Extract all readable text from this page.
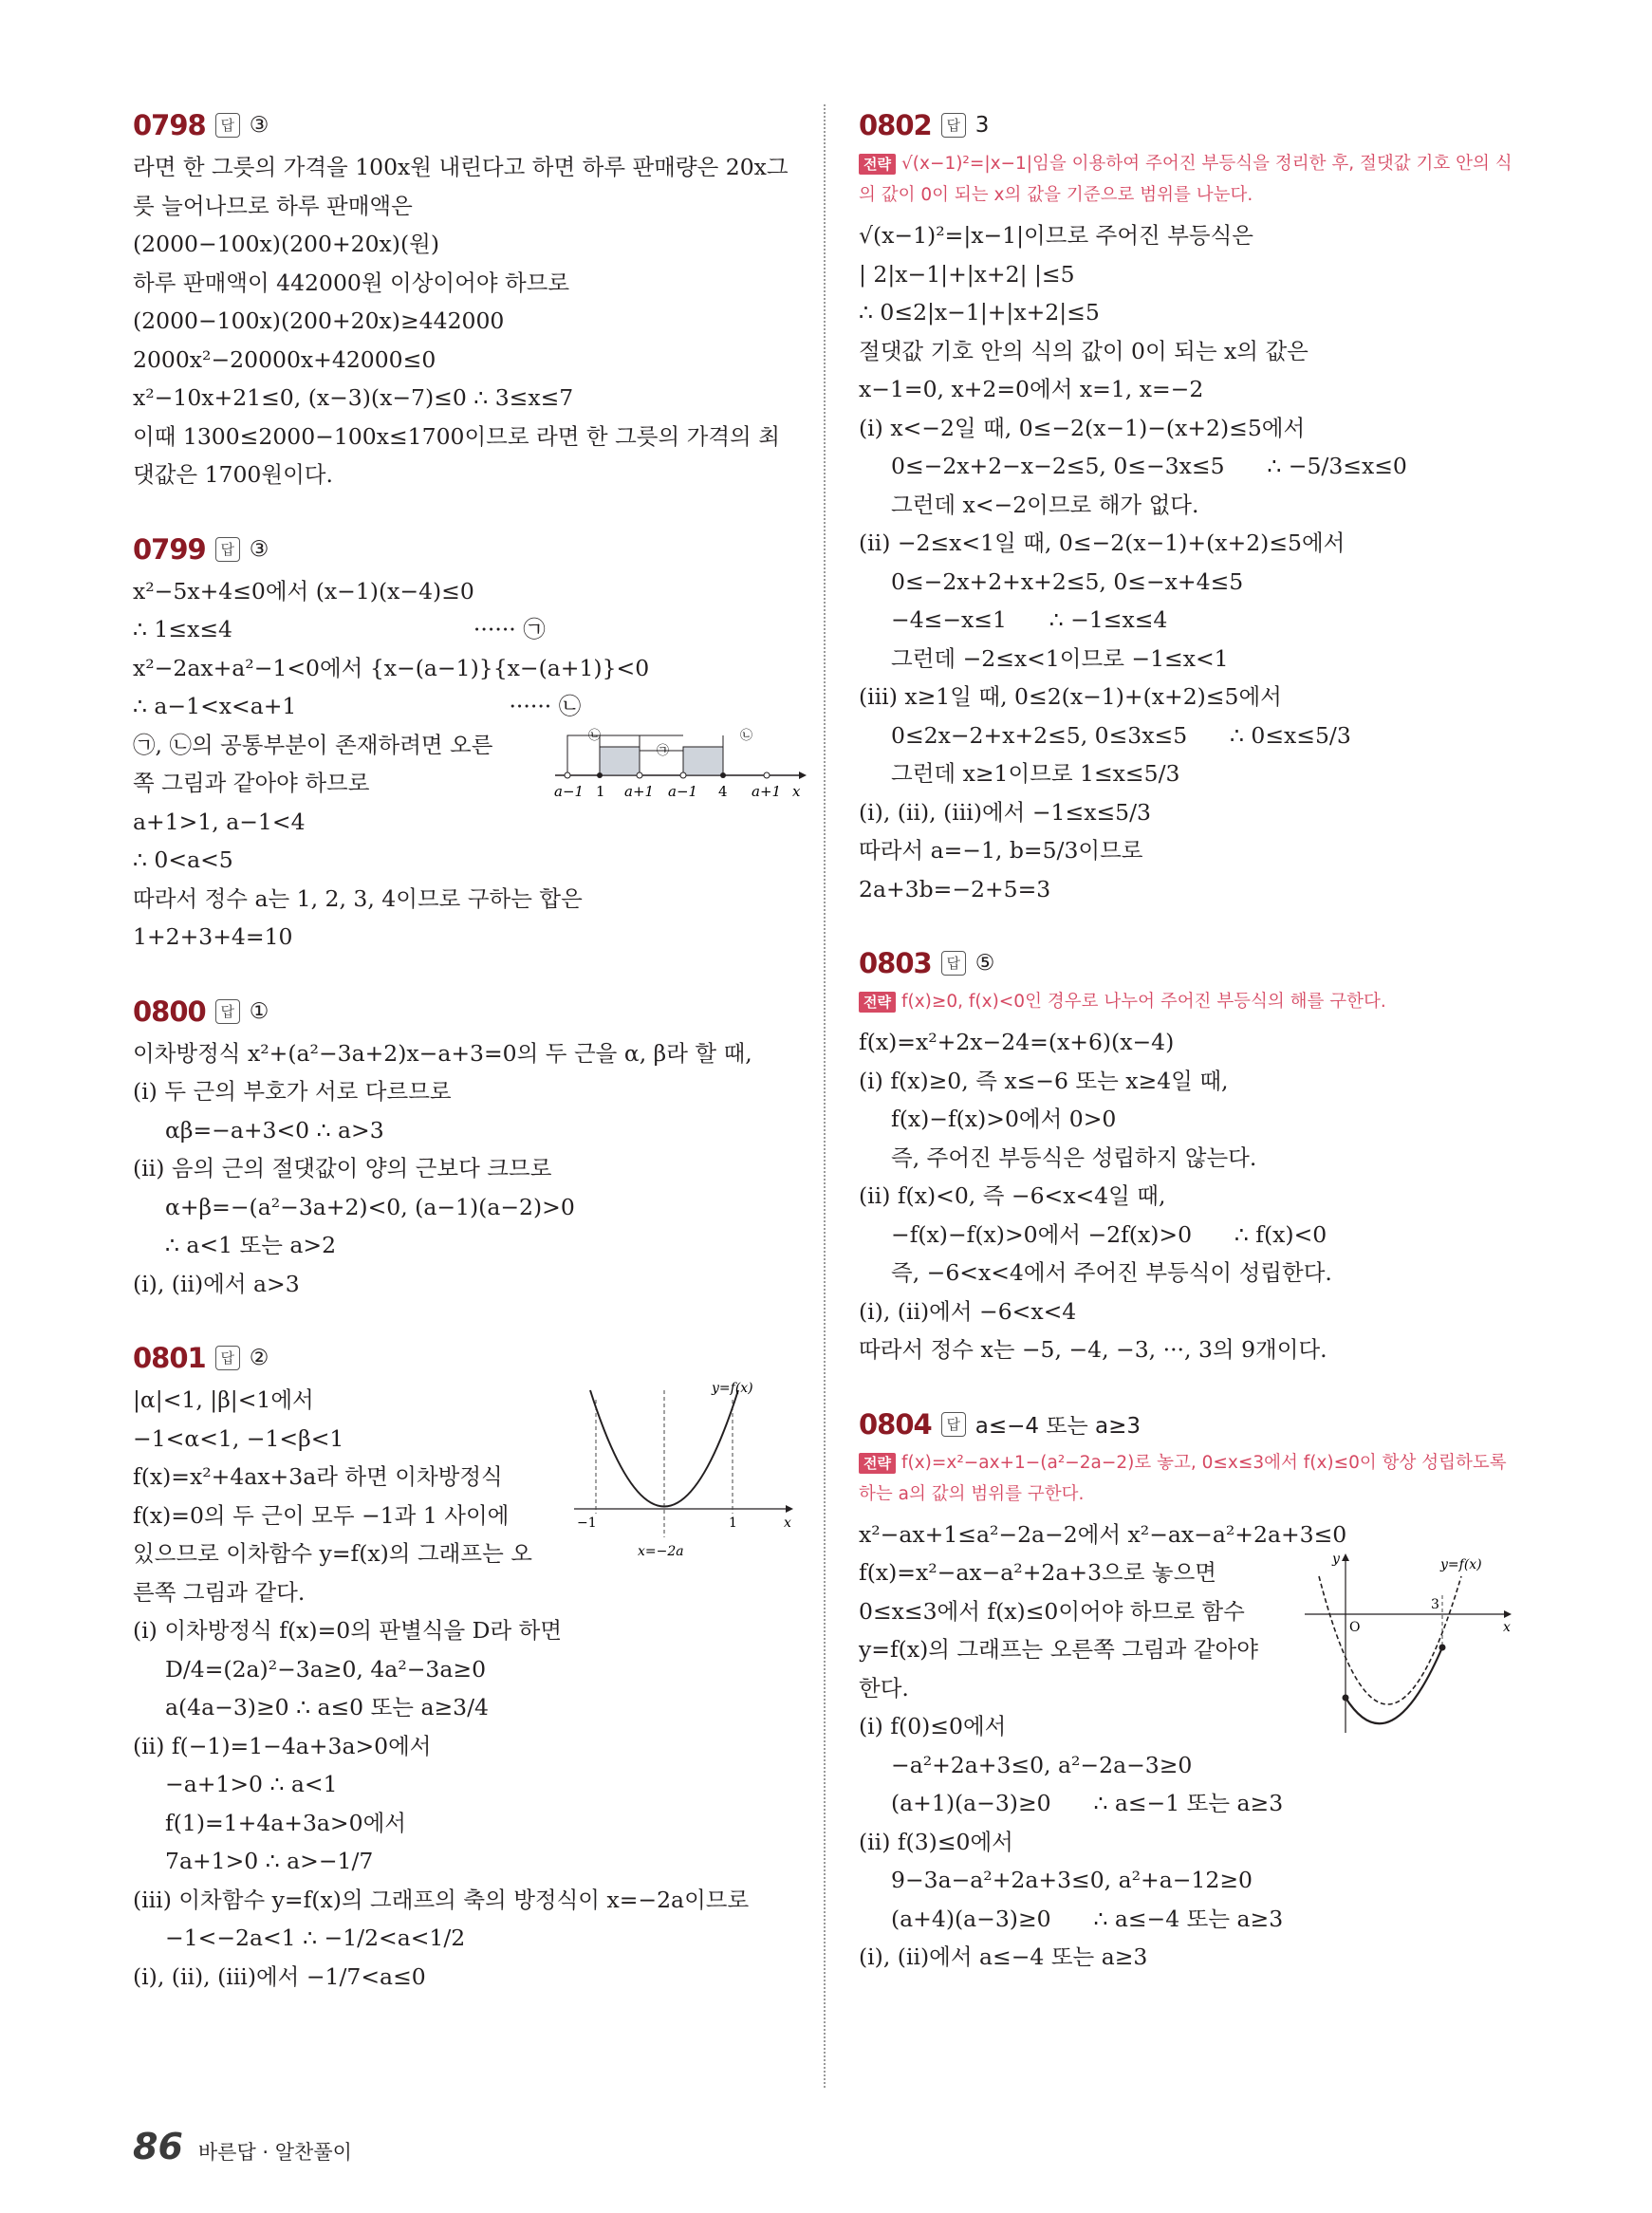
0798	답 ③
라면 한 그릇의 가격을 100x원 내린다고 하면 하루 판매량은 20x그
릇 늘어나므로 하루 판매액은
(2000−100x)(200+20x)(원)
하루 판매액이 442000원 이상이어야 하므로
(2000−100x)(200+20x)≥442000
2000x²−20000x+42000≤0
x²−10x+21≤0, (x−3)(x−7)≤0 ∴ 3≤x≤7
이때 1300≤2000−100x≤1700이므로 라면 한 그릇의 가격의 최
댓값은 1700원이다.
0799	답 ③
x²−5x+4≤0에서 (x−1)(x−4)≤0
∴ 1≤x≤4                                  ······ ㉠
x²−2ax+a²−1<0에서 {x−(a−1)}{x−(a+1)}<0
∴ a−1<x<a+1                              ······ ㉡
㉠, ㉡의 공통부분이 존재하려면 오른
쪽 그림과 같아야 하므로
a+1>1, a−1<4
∴ 0<a<5
㉡
㉠
㉡
a−1 1 a+1 a−1 4 a+1 x
따라서 정수 a는 1, 2, 3, 4이므로 구하는 합은
1+2+3+4=10
0800	답 ①
이차방정식 x²+(a²−3a+2)x−a+3=0의 두 근을 α, β라 할 때,
(ⅰ) 두 근의 부호가 서로 다르므로
αβ=−a+3<0 ∴ a>3
(ⅱ) 음의 근의 절댓값이 양의 근보다 크므로
α+β=−(a²−3a+2)<0, (a−1)(a−2)>0
∴ a<1 또는 a>2
(ⅰ), (ⅱ)에서 a>3
0801	답 ②
|α|<1, |β|<1에서
−1<α<1, −1<β<1
f(x)=x²+4ax+3a라 하면 이차방정식
f(x)=0의 두 근이 모두 −1과 1 사이에
있으므로 이차함수 y=f(x)의 그래프는 오
른쪽 그림과 같다.
y=f(x)
−1	1	x
x=−2a
(ⅰ) 이차방정식 f(x)=0의 판별식을 D라 하면
D/4=(2a)²−3a≥0, 4a²−3a≥0
a(4a−3)≥0 ∴ a≤0 또는 a≥3/4
(ⅱ) f(−1)=1−4a+3a>0에서
−a+1>0 ∴ a<1
f(1)=1+4a+3a>0에서
7a+1>0 ∴ a>−1/7
(ⅲ) 이차함수 y=f(x)의 그래프의 축의 방정식이 x=−2a이므로
−1<−2a<1 ∴ −1/2<a<1/2
(ⅰ), (ⅱ), (ⅲ)에서 −1/7<a≤0
0802	답 3
전략 √(x−1)²=|x−1|임을 이용하여 주어진 부등식을 정리한 후, 절댓값 기호 안의 식의 값이 0이 되는 x의 값을 기준으로 범위를 나눈다.
√(x−1)²=|x−1|이므로 주어진 부등식은
| 2|x−1|+|x+2| |≤5
∴ 0≤2|x−1|+|x+2|≤5
절댓값 기호 안의 식의 값이 0이 되는 x의 값은
x−1=0, x+2=0에서 x=1, x=−2
(ⅰ) x<−2일 때, 0≤−2(x−1)−(x+2)≤5에서
0≤−2x+2−x−2≤5, 0≤−3x≤5      ∴ −5/3≤x≤0
그런데 x<−2이므로 해가 없다.
(ⅱ) −2≤x<1일 때, 0≤−2(x−1)+(x+2)≤5에서
0≤−2x+2+x+2≤5, 0≤−x+4≤5
−4≤−x≤1      ∴ −1≤x≤4
그런데 −2≤x<1이므로 −1≤x<1
(ⅲ) x≥1일 때, 0≤2(x−1)+(x+2)≤5에서
0≤2x−2+x+2≤5, 0≤3x≤5      ∴ 0≤x≤5/3
그런데 x≥1이므로 1≤x≤5/3
(ⅰ), (ⅱ), (ⅲ)에서 −1≤x≤5/3
따라서 a=−1, b=5/3이므로
2a+3b=−2+5=3
0803	답 ⑤
전략 f(x)≥0, f(x)<0인 경우로 나누어 주어진 부등식의 해를 구한다.
f(x)=x²+2x−24=(x+6)(x−4)
(ⅰ) f(x)≥0, 즉 x≤−6 또는 x≥4일 때,
f(x)−f(x)>0에서 0>0
즉, 주어진 부등식은 성립하지 않는다.
(ⅱ) f(x)<0, 즉 −6<x<4일 때,
−f(x)−f(x)>0에서 −2f(x)>0      ∴ f(x)<0
즉, −6<x<4에서 주어진 부등식이 성립한다.
(ⅰ), (ⅱ)에서 −6<x<4
따라서 정수 x는 −5, −4, −3, ···, 3의 9개이다.
0804	답 a≤−4 또는 a≥3
전략 f(x)=x²−ax+1−(a²−2a−2)로 놓고, 0≤x≤3에서 f(x)≤0이 항상 성립하도록 하는 a의 값의 범위를 구한다.
x²−ax+1≤a²−2a−2에서 x²−ax−a²+2a+3≤0
f(x)=x²−ax−a²+2a+3으로 놓으면
0≤x≤3에서 f(x)≤0이어야 하므로 함수
y=f(x)의 그래프는 오른쪽 그림과 같아야
한다.
(ⅰ) f(0)≤0에서
y	y=f(x)
O
3
x
−a²+2a+3≤0, a²−2a−3≥0
(a+1)(a−3)≥0      ∴ a≤−1 또는 a≥3
(ⅱ) f(3)≤0에서
9−3a−a²+2a+3≤0, a²+a−12≥0
(a+4)(a−3)≥0      ∴ a≤−4 또는 a≥3
(ⅰ), (ⅱ)에서 a≤−4 또는 a≥3
86 바른답 · 알찬풀이
